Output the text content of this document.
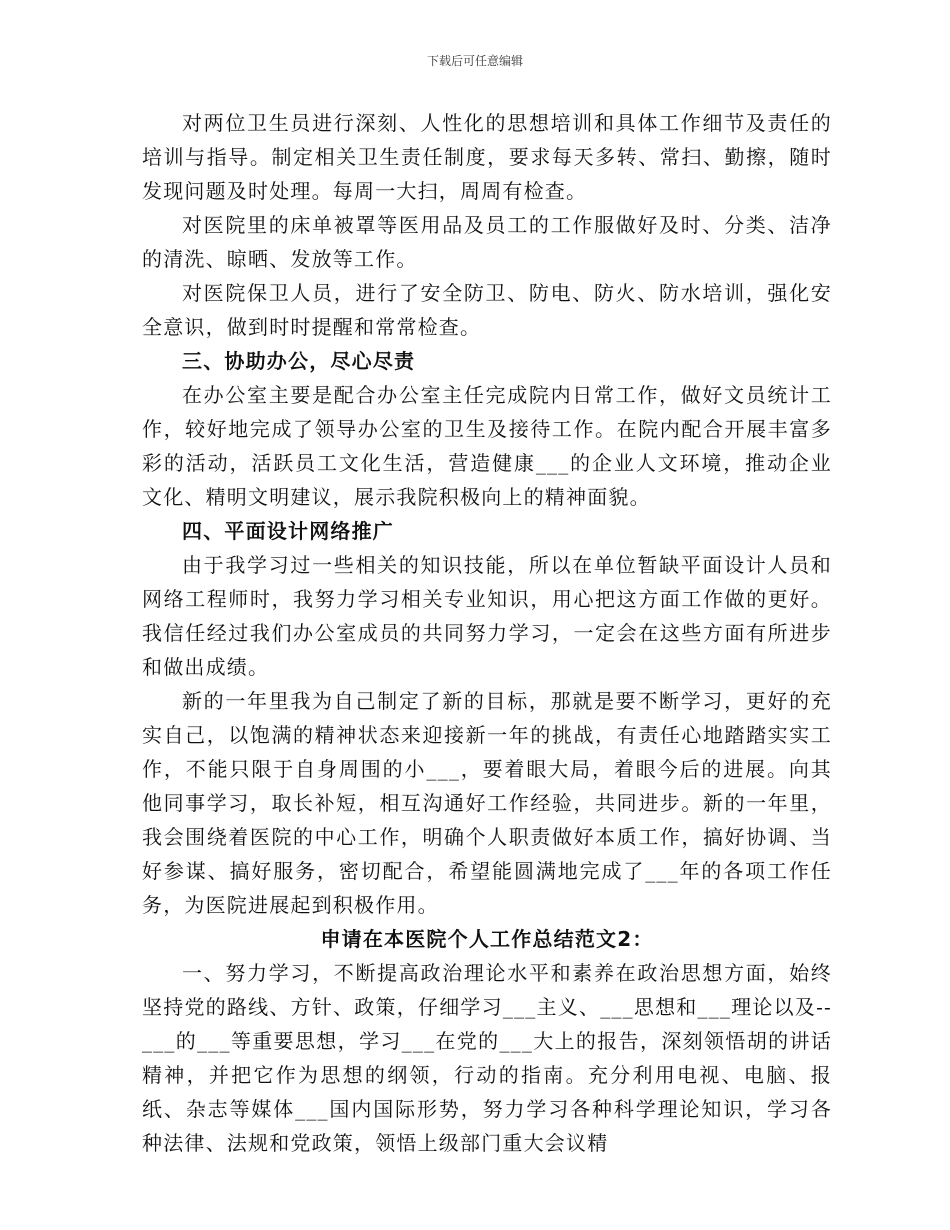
下载后可任意编辑

对两位卫生员进行深刻、人性化的思想培训和具体工作细节及责任的培训与指导。制定相关卫生责任制度，要求每天多转、常扫、勤擦，随时发现问题及时处理。每周一大扫，周周有检查。

对医院里的床单被罩等医用品及员工的工作服做好及时、分类、洁净的清洗、晾晒、发放等工作。

对医院保卫人员，进行了安全防卫、防电、防火、防水培训，强化安全意识，做到时时提醒和常常检查。

三、协助办公，尽心尽责

在办公室主要是配合办公室主任完成院内日常工作，做好文员统计工作，较好地完成了领导办公室的卫生及接待工作。在院内配合开展丰富多彩的活动，活跃员工文化生活，营造健康___的企业人文环境，推动企业文化、精明文明建议，展示我院积极向上的精神面貌。

四、平面设计网络推广

由于我学习过一些相关的知识技能，所以在单位暂缺平面设计人员和网络工程师时，我努力学习相关专业知识，用心把这方面工作做的更好。我信任经过我们办公室成员的共同努力学习，一定会在这些方面有所进步和做出成绩。

新的一年里我为自己制定了新的目标，那就是要不断学习，更好的充实自己，以饱满的精神状态来迎接新一年的挑战，有责任心地踏踏实实工作，不能只限于自身周围的小___，要着眼大局，着眼今后的进展。向其他同事学习，取长补短，相互沟通好工作经验，共同进步。新的一年里，我会围绕着医院的中心工作，明确个人职责做好本质工作，搞好协调、当好参谋、搞好服务，密切配合，希望能圆满地完成了___年的各项工作任务，为医院进展起到积极作用。

申请在本医院个人工作总结范文2：

一、努力学习，不断提高政治理论水平和素养在政治思想方面，始终坚持党的路线、方针、政策，仔细学习___主义、___思想和___理论以及--___的___等重要思想，学习___在党的___大上的报告，深刻领悟胡的讲话精神，并把它作为思想的纲领，行动的指南。充分利用电视、电脑、报纸、杂志等媒体___国内国际形势，努力学习各种科学理论知识，学习各种法律、法规和党政策，领悟上级部门重大会议精
